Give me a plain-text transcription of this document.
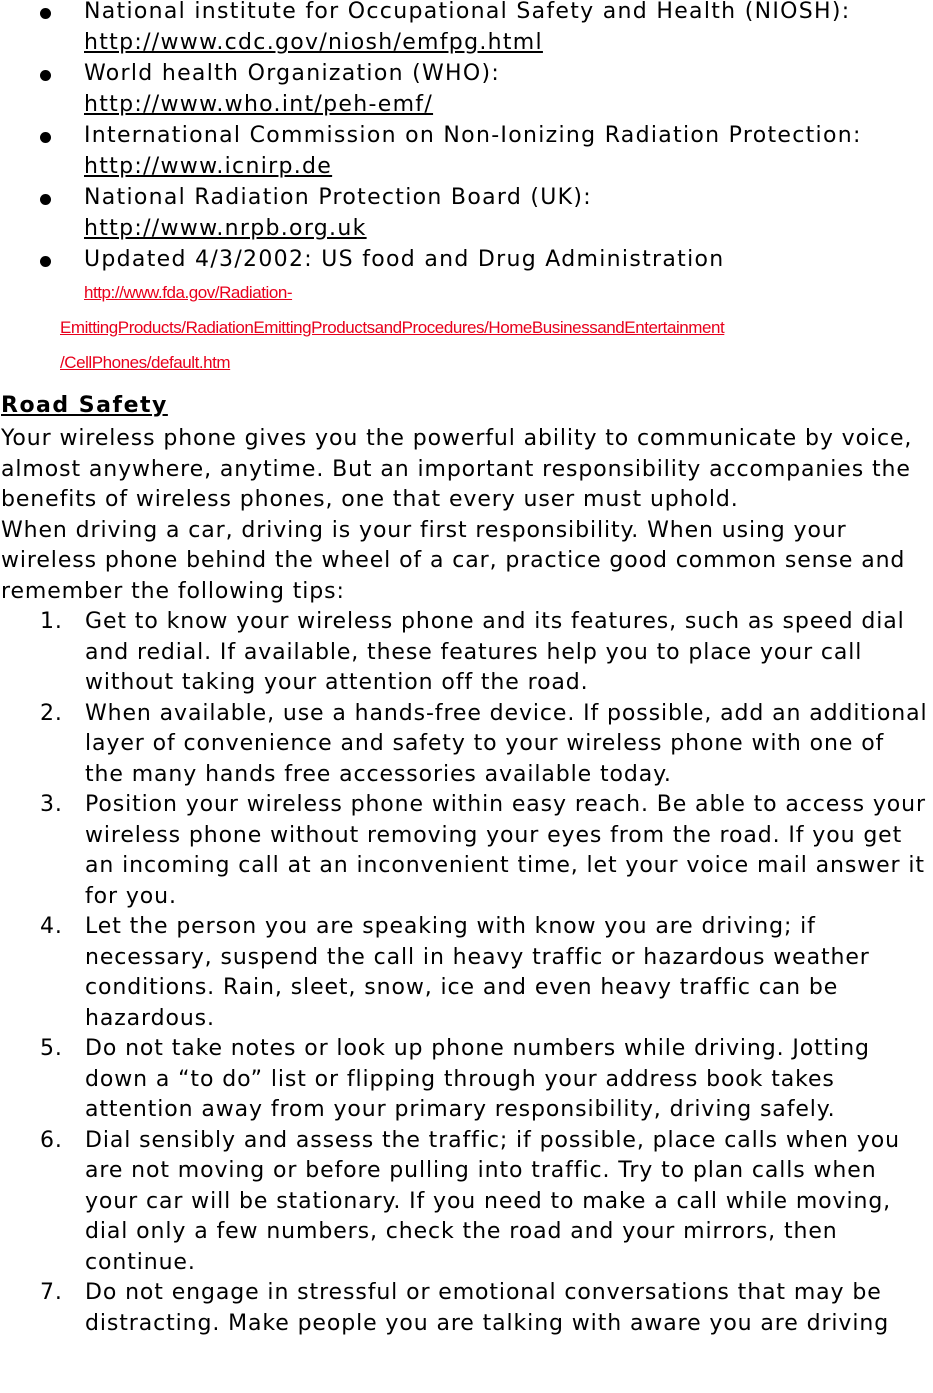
National institute for Occupational Safety and Health (NIOSH):
http://www.cdc.gov/niosh/emfpg.html
World health Organization (WHO):
http://www.who.int/peh-emf/
International Commission on Non-Ionizing Radiation Protection:
http://www.icnirp.de
National Radiation Protection Board (UK):
http://www.nrpb.org.uk
Updated 4/3/2002: US food and Drug Administration
http://www.fda.gov/Radiation-
EmittingProducts/RadiationEmittingProductsandProcedures/HomeBusinessandEntertainment
/CellPhones/default.htm
Road Safety

Your wireless phone gives you the powerful ability to communicate by voice, almost anywhere, anytime. But an important responsibility accompanies the benefits of wireless phones, one that every user must uphold.

When driving a car, driving is your first responsibility. When using your wireless phone behind the wheel of a car, practice good common sense and remember the following tips:

1. Get to know your wireless phone and its features, such as speed dial and redial. If available, these features help you to place your call without taking your attention off the road.
2. When available, use a hands-free device. If possible, add an additional layer of convenience and safety to your wireless phone with one of the many hands free accessories available today.
3. Position your wireless phone within easy reach. Be able to access your wireless phone without removing your eyes from the road. If you get an incoming call at an inconvenient time, let your voice mail answer it for you.
4. Let the person you are speaking with know you are driving; if necessary, suspend the call in heavy traffic or hazardous weather conditions. Rain, sleet, snow, ice and even heavy traffic can be hazardous.
5. Do not take notes or look up phone numbers while driving. Jotting down a “to do” list or flipping through your address book takes attention away from your primary responsibility, driving safely.
6. Dial sensibly and assess the traffic; if possible, place calls when you are not moving or before pulling into traffic. Try to plan calls when your car will be stationary. If you need to make a call while moving, dial only a few numbers, check the road and your mirrors, then continue.
7. Do not engage in stressful or emotional conversations that may be distracting. Make people you are talking with aware you are driving
